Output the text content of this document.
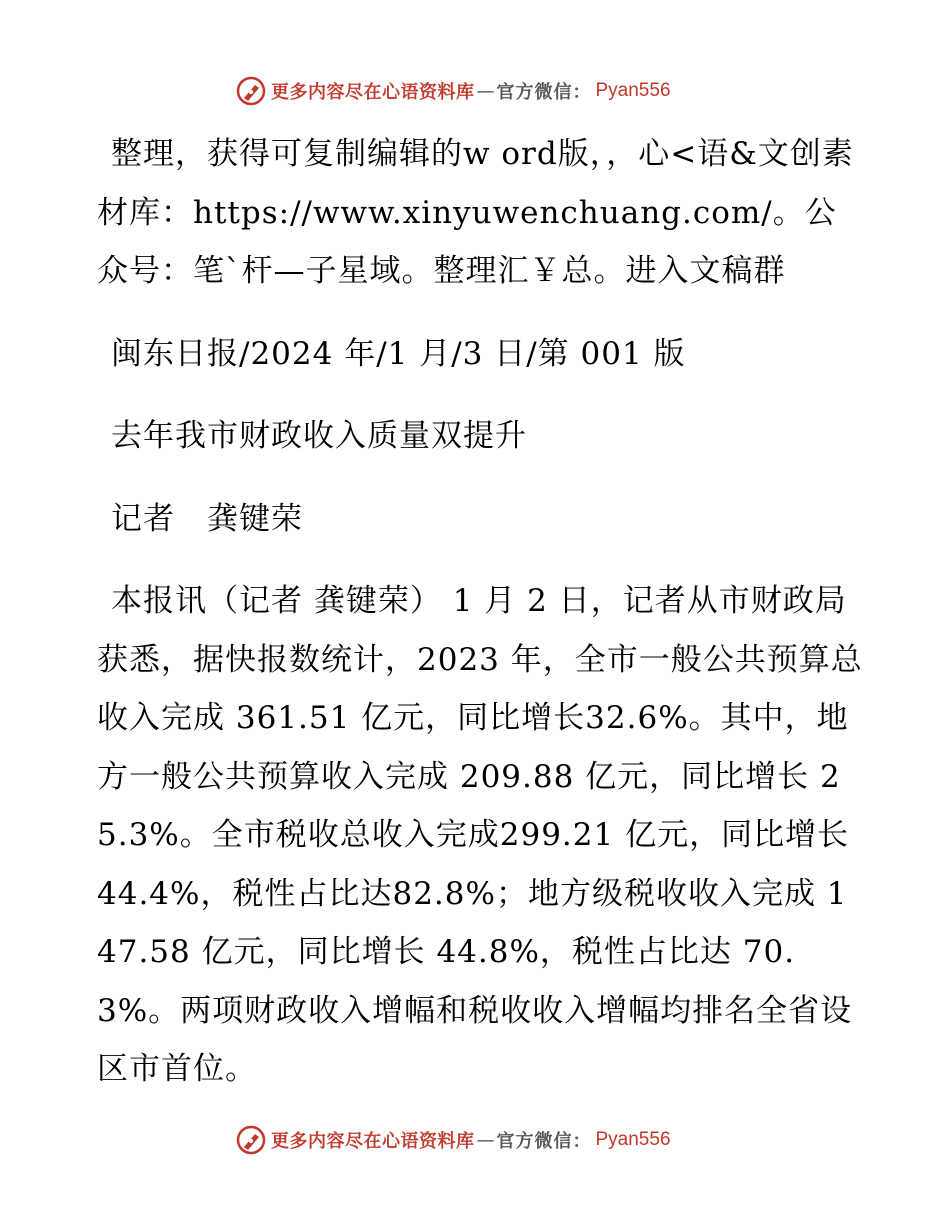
更多内容尽在心语资料库 — 官方微信： Pyan556

整理，获得可复制编辑的w ord版，，心<语&文创素材库：https://www.xinyuwenchuang.com/。公众号：笔`杆—子星域。整理汇￥总。进入文稿群

闽东日报/2024 年/1 月/3 日/第 001 版

去年我市财政收入质量双提升

记者　龚键荣

本报讯（记者 龚键荣） 1 月 2 日，记者从市财政局获悉，据快报数统计，2023 年，全市一般公共预算总收入完成 361.51 亿元，同比增长32.6%。其中，地方一般公共预算收入完成 209.88 亿元，同比增长 25.3%。全市税收总收入完成299.21 亿元，同比增长 44.4%，税性占比达82.8%；地方级税收收入完成 147.58 亿元，同比增长 44.8%，税性占比达 70.3%。两项财政收入增幅和税收收入增幅均排名全省设区市首位。

更多内容尽在心语资料库 — 官方微信： Pyan556
